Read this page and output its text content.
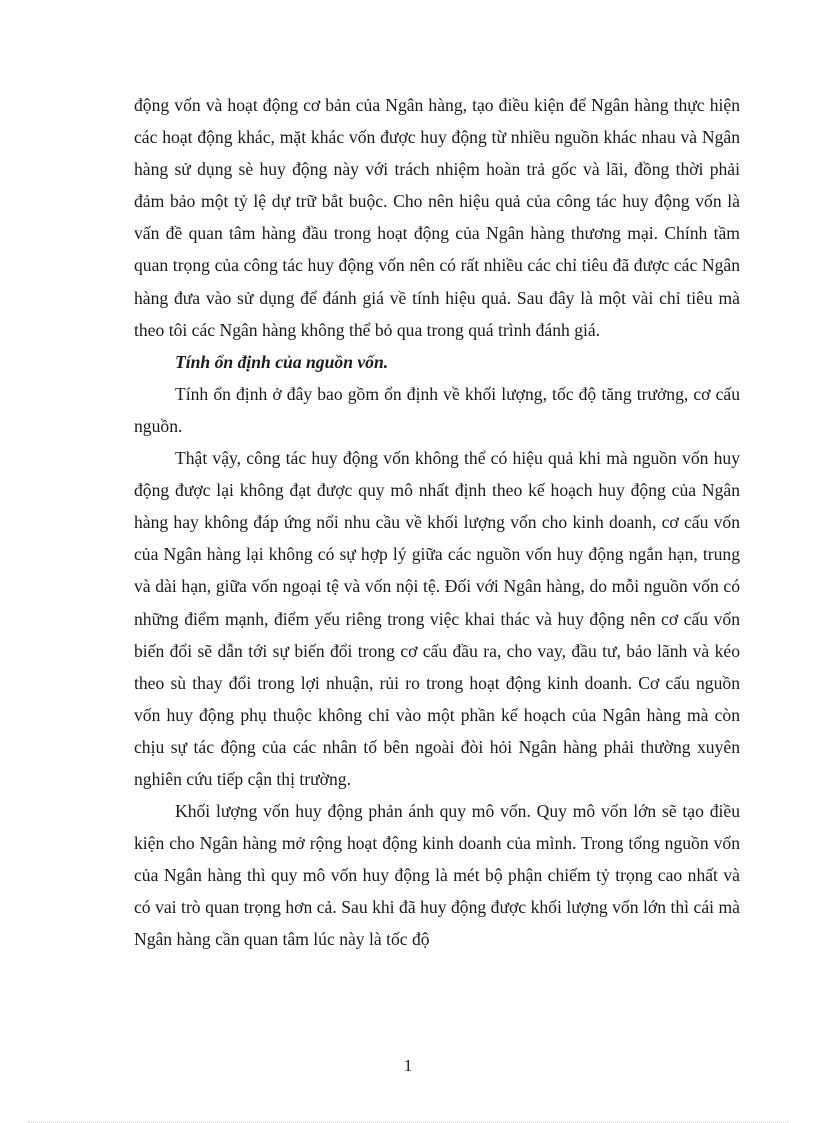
động vốn và hoạt động cơ bản của Ngân hàng, tạo điều kiện để Ngân hàng thực hiện các hoạt động khác, mặt khác vốn được huy động từ nhiều nguồn khác nhau và Ngân hàng sử dụng sè huy động này với trách nhiệm hoàn trả gốc và lãi, đồng thời phải đảm bảo một tỷ lệ dự trữ bắt buộc. Cho nên hiệu quả của công tác huy động vốn là vấn đề quan tâm hàng đầu trong hoạt động của Ngân hàng thương mại. Chính tầm quan trọng của công tác huy động vốn nên có rất nhiều các chỉ tiêu đã được các Ngân hàng đưa vào sử dụng để đánh giá về tính hiệu quả. Sau đây là một vài chỉ tiêu mà theo tôi các Ngân hàng không thể bỏ qua trong quá trình đánh giá.

Tính ổn định của nguồn vốn.

Tính ổn định ở đây bao gồm ổn định về khối lượng, tốc độ tăng trưởng, cơ cấu nguồn.

Thật vậy, công tác huy động vốn không thể có hiệu quả khi mà nguồn vốn huy động được lại không đạt được quy mô nhất định theo kế hoạch huy động của Ngân hàng hay không đáp ứng nổi nhu cầu về khối lượng vốn cho kinh doanh, cơ cấu vốn của Ngân hàng lại không có sự hợp lý giữa các nguồn vốn huy động ngắn hạn, trung và dài hạn, giữa vốn ngoại tệ và vốn nội tệ. Đối với Ngân hàng, do mỗi nguồn vốn có những điểm mạnh, điểm yếu riêng trong việc khai thác và huy động nên cơ cấu vốn biến đổi sẽ dẫn tới sự biến đổi trong cơ cấu đầu ra, cho vay, đầu tư, bảo lãnh và kéo theo sù thay đổi trong lợi nhuận, rủi ro trong hoạt động kinh doanh. Cơ cấu nguồn vốn huy động phụ thuộc không chỉ vào một phần kế hoạch của Ngân hàng mà còn chịu sự tác động của các nhân tố bên ngoài đòi hỏi Ngân hàng phải thường xuyên nghiên cứu tiếp cận thị trường.

Khối lượng vốn huy động phản ánh quy mô vốn. Quy mô vốn lớn sẽ tạo điều kiện cho Ngân hàng mở rộng hoạt động kinh doanh của mình. Trong tổng nguồn vốn của Ngân hàng thì quy mô vốn huy động là mét bộ phận chiếm tỷ trọng cao nhất và có vai trò quan trọng hơn cả. Sau khi đã huy động được khối lượng vốn lớn thì cái mà Ngân hàng cần quan tâm lúc này là tốc độ

1
